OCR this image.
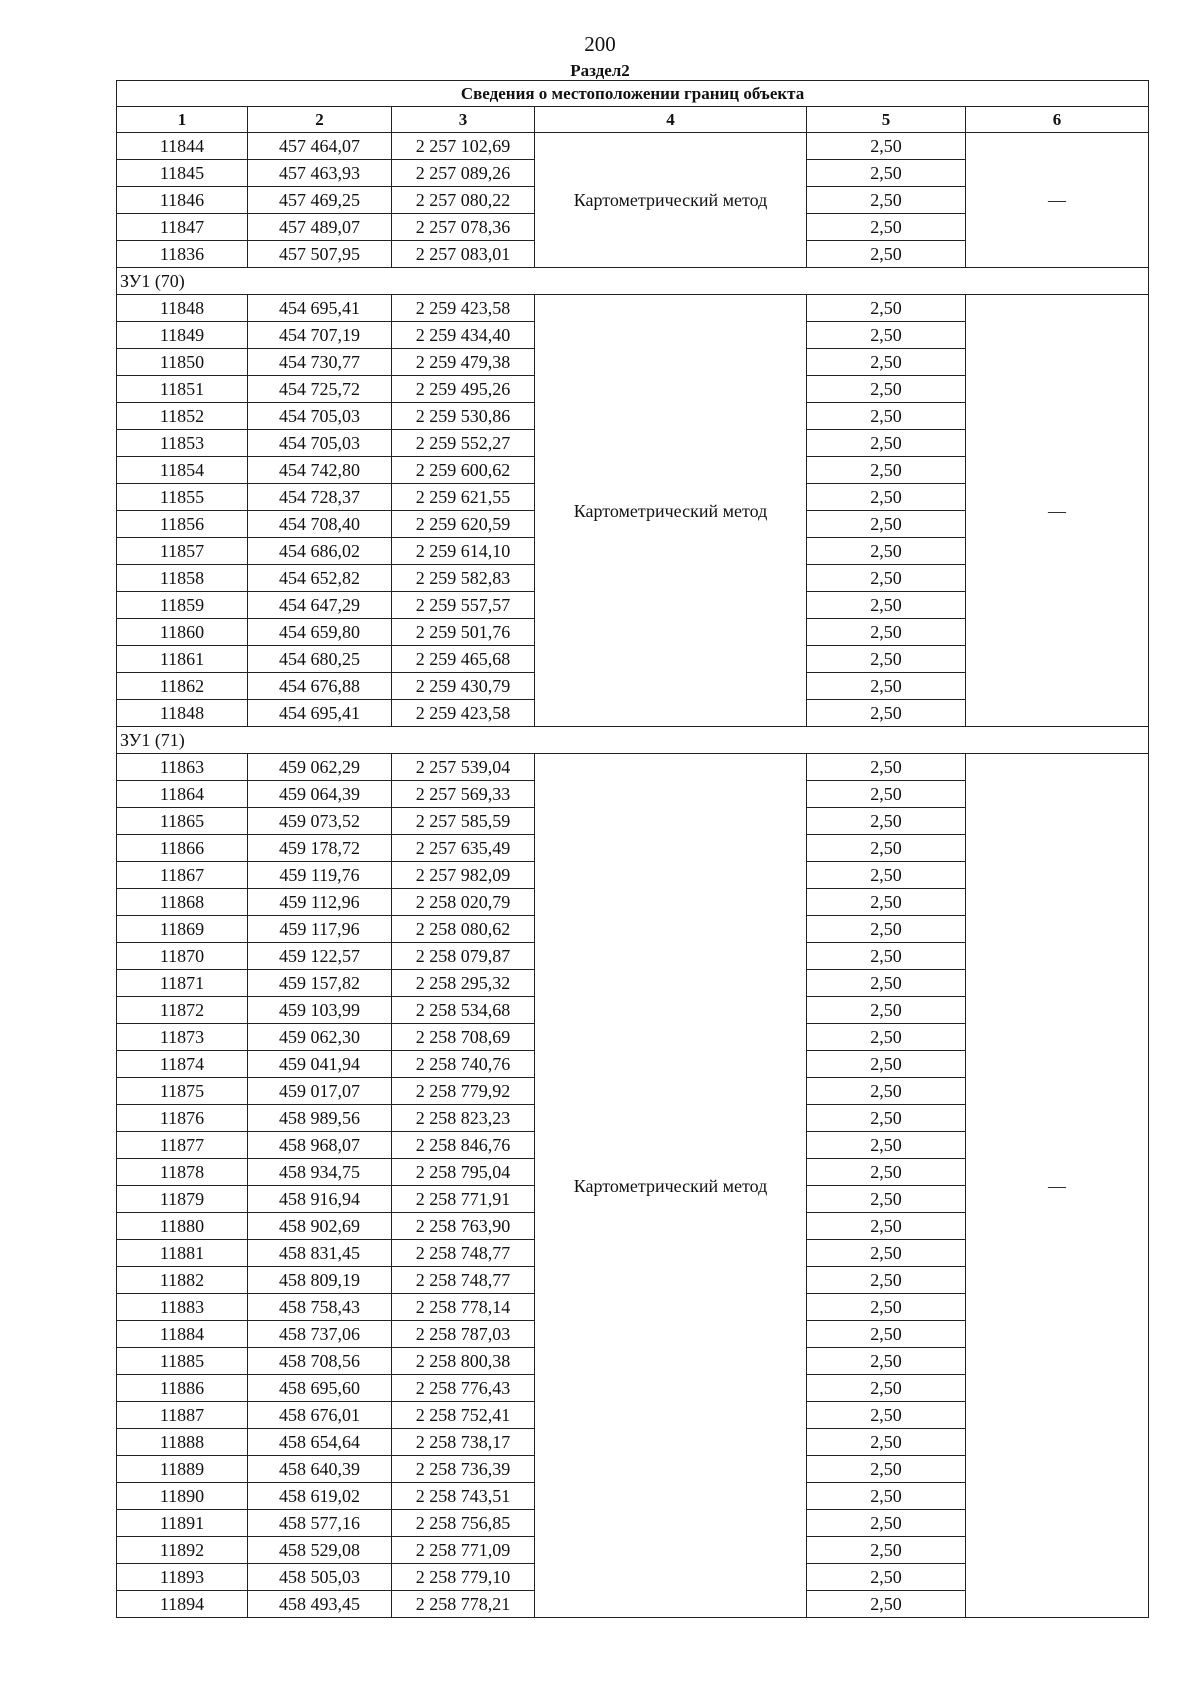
200
Раздел2
Сведения о местоположении границ объекта					
1	2	3	4	5	6
11844	457 464,07	2 257 102,69	Картометрический метод	2,50	—
11845	457 463,93	2 257 089,26		2,50	
11846	457 469,25	2 257 080,22		2,50	
11847	457 489,07	2 257 078,36		2,50	
11836	457 507,95	2 257 083,01		2,50	
ЗУ1 (70)					
11848	454 695,41	2 259 423,58	Картометрический метод	2,50	—
11849	454 707,19	2 259 434,40		2,50	
11850	454 730,77	2 259 479,38		2,50	
11851	454 725,72	2 259 495,26		2,50	
11852	454 705,03	2 259 530,86		2,50	
11853	454 705,03	2 259 552,27		2,50	
11854	454 742,80	2 259 600,62		2,50	
11855	454 728,37	2 259 621,55		2,50	
11856	454 708,40	2 259 620,59		2,50	
11857	454 686,02	2 259 614,10		2,50	
11858	454 652,82	2 259 582,83		2,50	
11859	454 647,29	2 259 557,57		2,50	
11860	454 659,80	2 259 501,76		2,50	
11861	454 680,25	2 259 465,68		2,50	
11862	454 676,88	2 259 430,79		2,50	
11848	454 695,41	2 259 423,58		2,50	
ЗУ1 (71)					
11863	459 062,29	2 257 539,04	Картометрический метод	2,50	—
11864	459 064,39	2 257 569,33		2,50	
11865	459 073,52	2 257 585,59		2,50	
11866	459 178,72	2 257 635,49		2,50	
11867	459 119,76	2 257 982,09		2,50	
11868	459 112,96	2 258 020,79		2,50	
11869	459 117,96	2 258 080,62		2,50	
11870	459 122,57	2 258 079,87		2,50	
11871	459 157,82	2 258 295,32		2,50	
11872	459 103,99	2 258 534,68		2,50	
11873	459 062,30	2 258 708,69		2,50	
11874	459 041,94	2 258 740,76		2,50	
11875	459 017,07	2 258 779,92		2,50	
11876	458 989,56	2 258 823,23		2,50	
11877	458 968,07	2 258 846,76		2,50	
11878	458 934,75	2 258 795,04		2,50	
11879	458 916,94	2 258 771,91		2,50	
11880	458 902,69	2 258 763,90		2,50	
11881	458 831,45	2 258 748,77		2,50	
11882	458 809,19	2 258 748,77		2,50	
11883	458 758,43	2 258 778,14		2,50	
11884	458 737,06	2 258 787,03		2,50	
11885	458 708,56	2 258 800,38		2,50	
11886	458 695,60	2 258 776,43		2,50	
11887	458 676,01	2 258 752,41		2,50	
11888	458 654,64	2 258 738,17		2,50	
11889	458 640,39	2 258 736,39		2,50	
11890	458 619,02	2 258 743,51		2,50	
11891	458 577,16	2 258 756,85		2,50	
11892	458 529,08	2 258 771,09		2,50	
11893	458 505,03	2 258 779,10		2,50	
11894	458 493,45	2 258 778,21		2,50	
